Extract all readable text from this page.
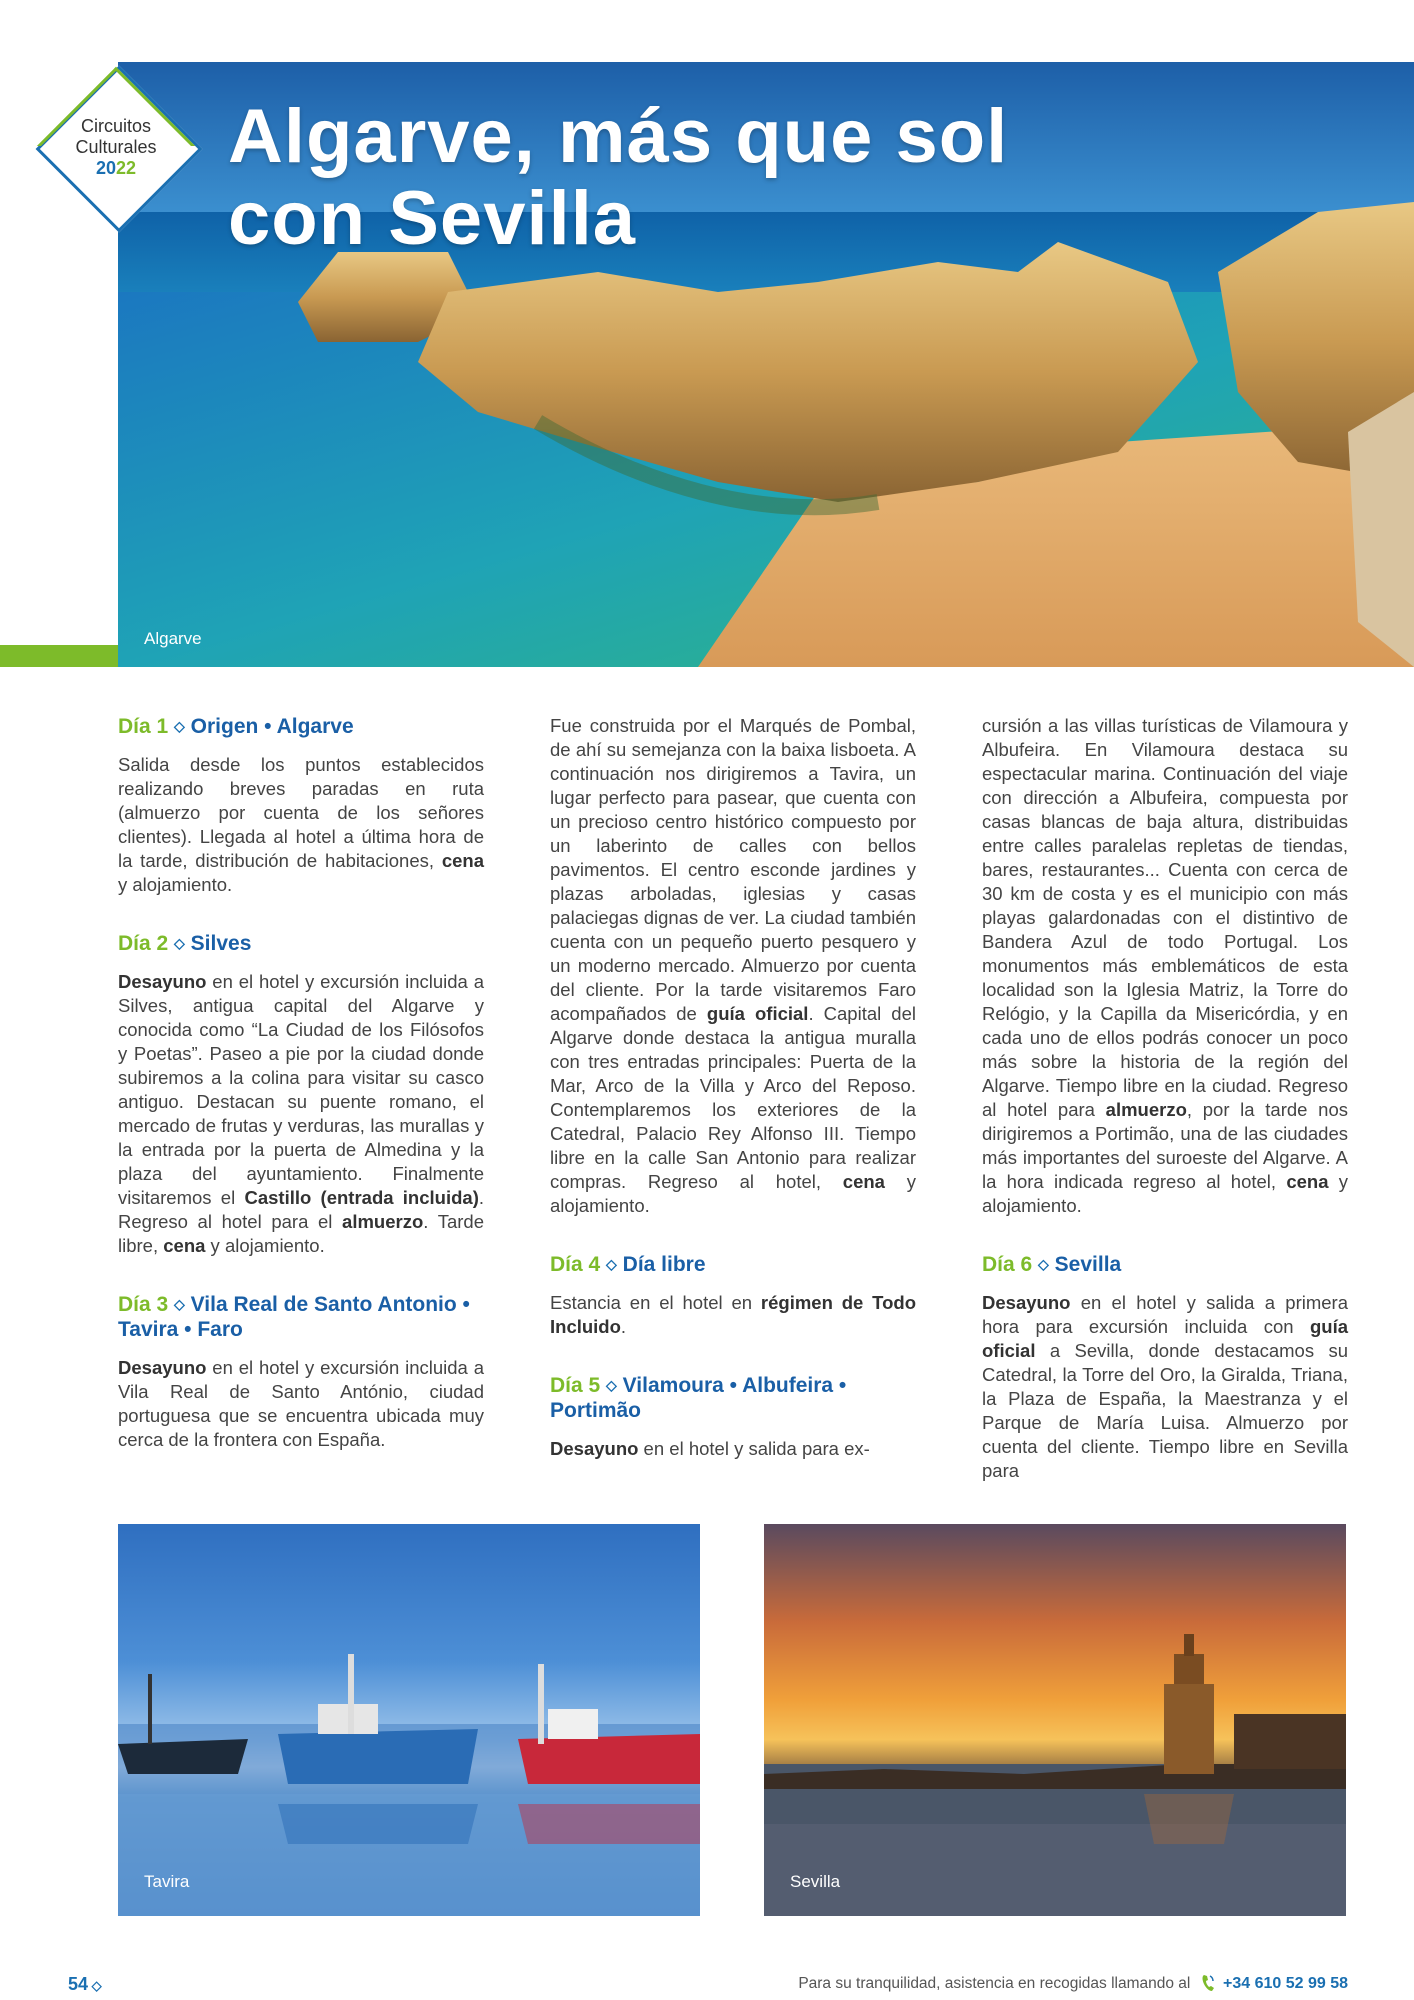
Algarve
Algarve, más que sol
con Sevilla
Circuitos
Culturales
2022
Día 1 ◇ Origen • Algarve

Salida desde los puntos establecidos realizando breves paradas en ruta (almuerzo por cuenta de los señores clientes). Llegada al hotel a última hora de la tarde, distribución de habitaciones, cena y alojamiento.

Día 2 ◇ Silves

Desayuno en el hotel y excursión incluida a Silves, antigua capital del Algarve y conocida como “La Ciudad de los Filósofos y Poetas”. Paseo a pie por la ciudad donde subiremos a la colina para visitar su casco antiguo. Destacan su puente romano, el mercado de frutas y verduras, las murallas y la entrada por la puerta de Almedina y la plaza del ayuntamiento. Finalmente visitaremos el Castillo (entrada incluida). Regreso al hotel para el almuerzo. Tarde libre, cena y alojamiento.

Día 3 ◇ Vila Real de Santo Antonio • Tavira • Faro

Desayuno en el hotel y excursión incluida a Vila Real de Santo António, ciudad portuguesa que se encuentra ubicada muy cerca de la frontera con España.

Fue construida por el Marqués de Pombal, de ahí su semejanza con la baixa lisboeta. A continuación nos dirigiremos a Tavira, un lugar perfecto para pasear, que cuenta con un precioso centro histórico compuesto por un laberinto de calles con bellos pavimentos. El centro esconde jardines y plazas arboladas, iglesias y casas palaciegas dignas de ver. La ciudad también cuenta con un pequeño puerto pesquero y un moderno mercado. Almuerzo por cuenta del cliente. Por la tarde visitaremos Faro acompañados de guía oficial. Capital del Algarve donde destaca la antigua muralla con tres entradas principales: Puerta de la Mar, Arco de la Villa y Arco del Reposo. Contemplaremos los exteriores de la Catedral, Palacio Rey Alfonso III. Tiempo libre en la calle San Antonio para realizar compras. Regreso al hotel, cena y alojamiento.

Día 4 ◇ Día libre

Estancia en el hotel en régimen de Todo Incluido.

Día 5 ◇ Vilamoura • Albufeira • Portimão

Desayuno en el hotel y salida para ex-

cursión a las villas turísticas de Vilamoura y Albufeira. En Vilamoura destaca su espectacular marina. Continuación del viaje con dirección a Albufeira, compuesta por casas blancas de baja altura, distribuidas entre calles paralelas repletas de tiendas, bares, restaurantes... Cuenta con cerca de 30 km de costa y es el municipio con más playas galardonadas con el distintivo de Bandera Azul de todo Portugal. Los monumentos más emblemáticos de esta localidad son la Iglesia Matriz, la Torre do Relógio, y la Capilla da Misericórdia, y en cada uno de ellos podrás conocer un poco más sobre la historia de la región del Algarve. Tiempo libre en la ciudad. Regreso al hotel para almuerzo, por la tarde nos dirigiremos a Portimão, una de las ciudades más importantes del suroeste del Algarve. A la hora indicada regreso al hotel, cena y alojamiento.

Día 6 ◇ Sevilla

Desayuno en el hotel y salida a primera hora para excursión incluida con guía oficial a Sevilla, donde destacamos su Catedral, la Torre del Oro, la Giralda, Triana, la Plaza de España, la Maestranza y el Parque de María Luisa. Almuerzo por cuenta del cliente. Tiempo libre en Sevilla para

Tavira	Sevilla
54 ◇	Para su tranquilidad, asistencia en recogidas llamando al +34 610 52 99 58
